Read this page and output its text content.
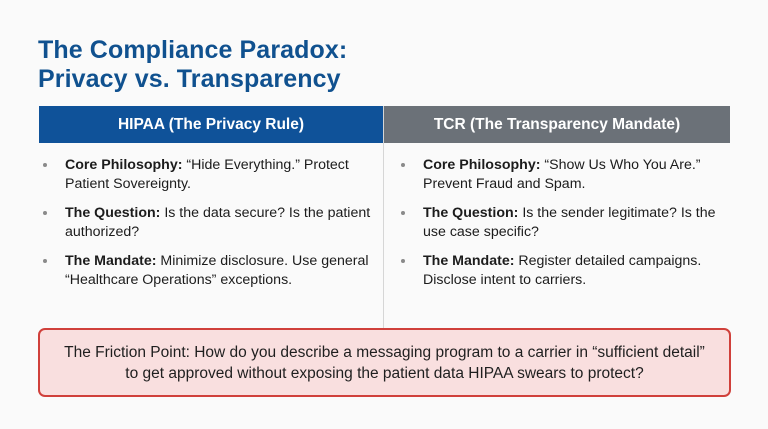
The Compliance Paradox:
Privacy vs. Transparency
HIPAA (The Privacy Rule)
Core Philosophy: “Hide Everything.” Protect Patient Sovereignty.
The Question: Is the data secure? Is the patient authorized?
The Mandate: Minimize disclosure. Use general “Healthcare Operations” exceptions.
TCR (The Transparency Mandate)
Core Philosophy: “Show Us Who You Are.” Prevent Fraud and Spam.
The Question: Is the sender legitimate? Is the use case specific?
The Mandate: Register detailed campaigns. Disclose intent to carriers.

The Friction Point: How do you describe a messaging program to a carrier in “sufficient detail” to get approved without exposing the patient data HIPAA swears to protect?
